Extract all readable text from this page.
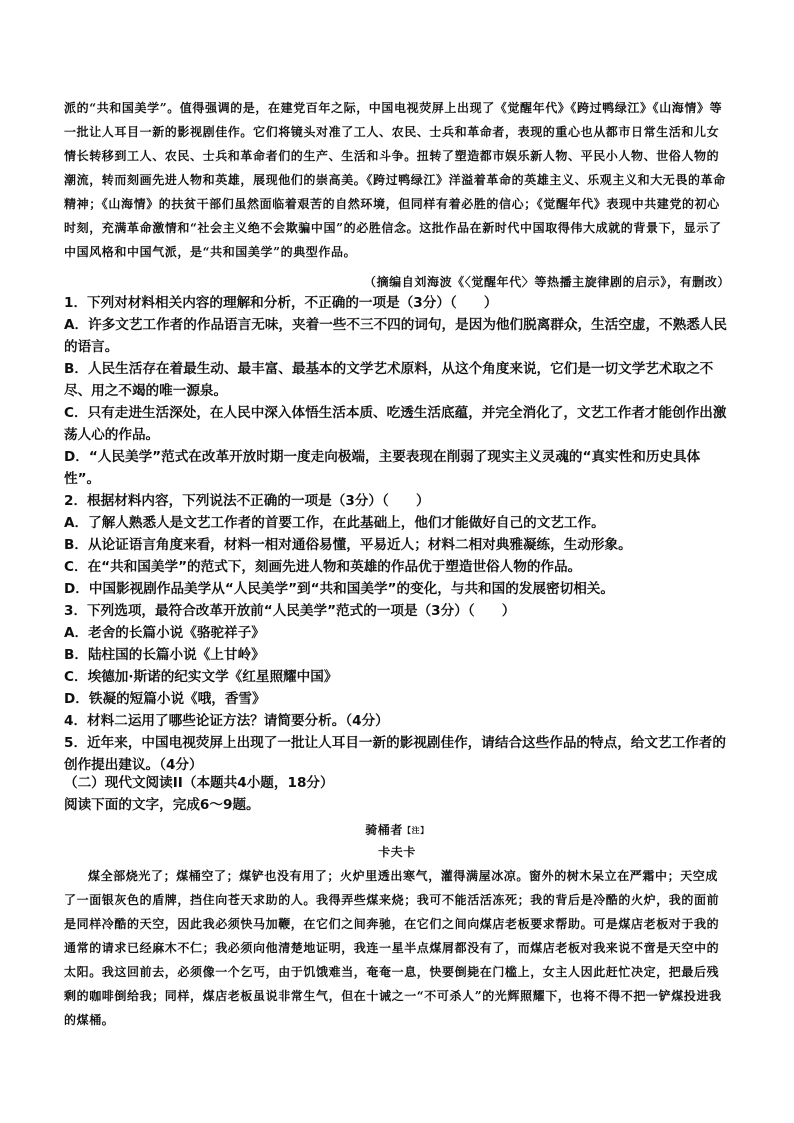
派的“共和国美学”。值得强调的是，在建党百年之际，中国电视荧屏上出现了《觉醒年代》《跨过鸭绿江》《山海情》等一批让人耳目一新的影视剧佳作。它们将镜头对准了工人、农民、士兵和革命者，表现的重心也从都市日常生活和儿女情长转移到工人、农民、士兵和革命者们的生产、生活和斗争。扭转了塑造都市娱乐新人物、平民小人物、世俗人物的潮流，转而刻画先进人物和英雄，展现他们的崇高美。《跨过鸭绿江》洋溢着革命的英雄主义、乐观主义和大无畏的革命精神；《山海情》的扶贫干部们虽然面临着艰苦的自然环境，但同样有着必胜的信心；《觉醒年代》表现中共建党的初心时刻，充满革命激情和“社会主义绝不会欺骗中国”的必胜信念。这批作品在新时代中国取得伟大成就的背景下，显示了中国风格和中国气派，是“共和国美学”的典型作品。
（摘编自刘海波《〈觉醒年代〉等热播主旋律剧的启示》，有删改）
1．下列对材料相关内容的理解和分析，不正确的一项是（3分）（　　）
A．许多文艺工作者的作品语言无味，夹着一些不三不四的词句，是因为他们脱离群众，生活空虚，不熟悉人民的语言。
B．人民生活存在着最生动、最丰富、最基本的文学艺术原料，从这个角度来说，它们是一切文学艺术取之不尽、用之不竭的唯一源泉。
C．只有走进生活深处，在人民中深入体悟生活本质、吃透生活底蕴，并完全消化了，文艺工作者才能创作出激荡人心的作品。
D．“人民美学”范式在改革开放时期一度走向极端，主要表现在削弱了现实主义灵魂的“真实性和历史具体性”。
2．根据材料内容，下列说法不正确的一项是（3分）（　　）
A．了解人熟悉人是文艺工作者的首要工作，在此基础上，他们才能做好自己的文艺工作。
B．从论证语言角度来看，材料一相对通俗易懂，平易近人；材料二相对典雅凝练，生动形象。
C．在“共和国美学”的范式下，刻画先进人物和英雄的作品优于塑造世俗人物的作品。
D．中国影视剧作品美学从“人民美学”到“共和国美学”的变化，与共和国的发展密切相关。
3．下列选项，最符合改革开放前“人民美学”范式的一项是（3分）（　　）
A．老舍的长篇小说《骆驼祥子》
B．陆柱国的长篇小说《上甘岭》
C．埃德加·斯诺的纪实文学《红星照耀中国》
D．铁凝的短篇小说《哦，香雪》
4．材料二运用了哪些论证方法？请简要分析。（4分）
5．近年来，中国电视荧屏上出现了一批让人耳目一新的影视剧佳作，请结合这些作品的特点，给文艺工作者的创作提出建议。（4分）
（二）现代文阅读II（本题共4小题，18分）
阅读下面的文字，完成6～9题。
骑桶者$^{【注】}$
卡夫卡
煤全部烧光了；煤桶空了；煤铲也没有用了；火炉里透出寒气，灌得满屋冰凉。窗外的树木呆立在严霜中；天空成了一面银灰色的盾牌，挡住向苍天求助的人。我得弄些煤来烧；我可不能活活冻死；我的背后是冷酷的火炉，我的面前是同样冷酷的天空，因此我必须快马加鞭，在它们之间奔驰，在它们之间向煤店老板要求帮助。可是煤店老板对于我的通常的请求已经麻木不仁；我必须向他清楚地证明，我连一星半点煤屑都没有了，而煤店老板对我来说不啻是天空中的太阳。我这回前去，必须像一个乞丐，由于饥饿难当，奄奄一息，快要倒毙在门槛上，女主人因此赶忙决定，把最后残剩的咖啡倒给我；同样，煤店老板虽说非常生气，但在十诫之一“不可杀人”的光辉照耀下，也将不得不把一铲煤投进我的煤桶。
